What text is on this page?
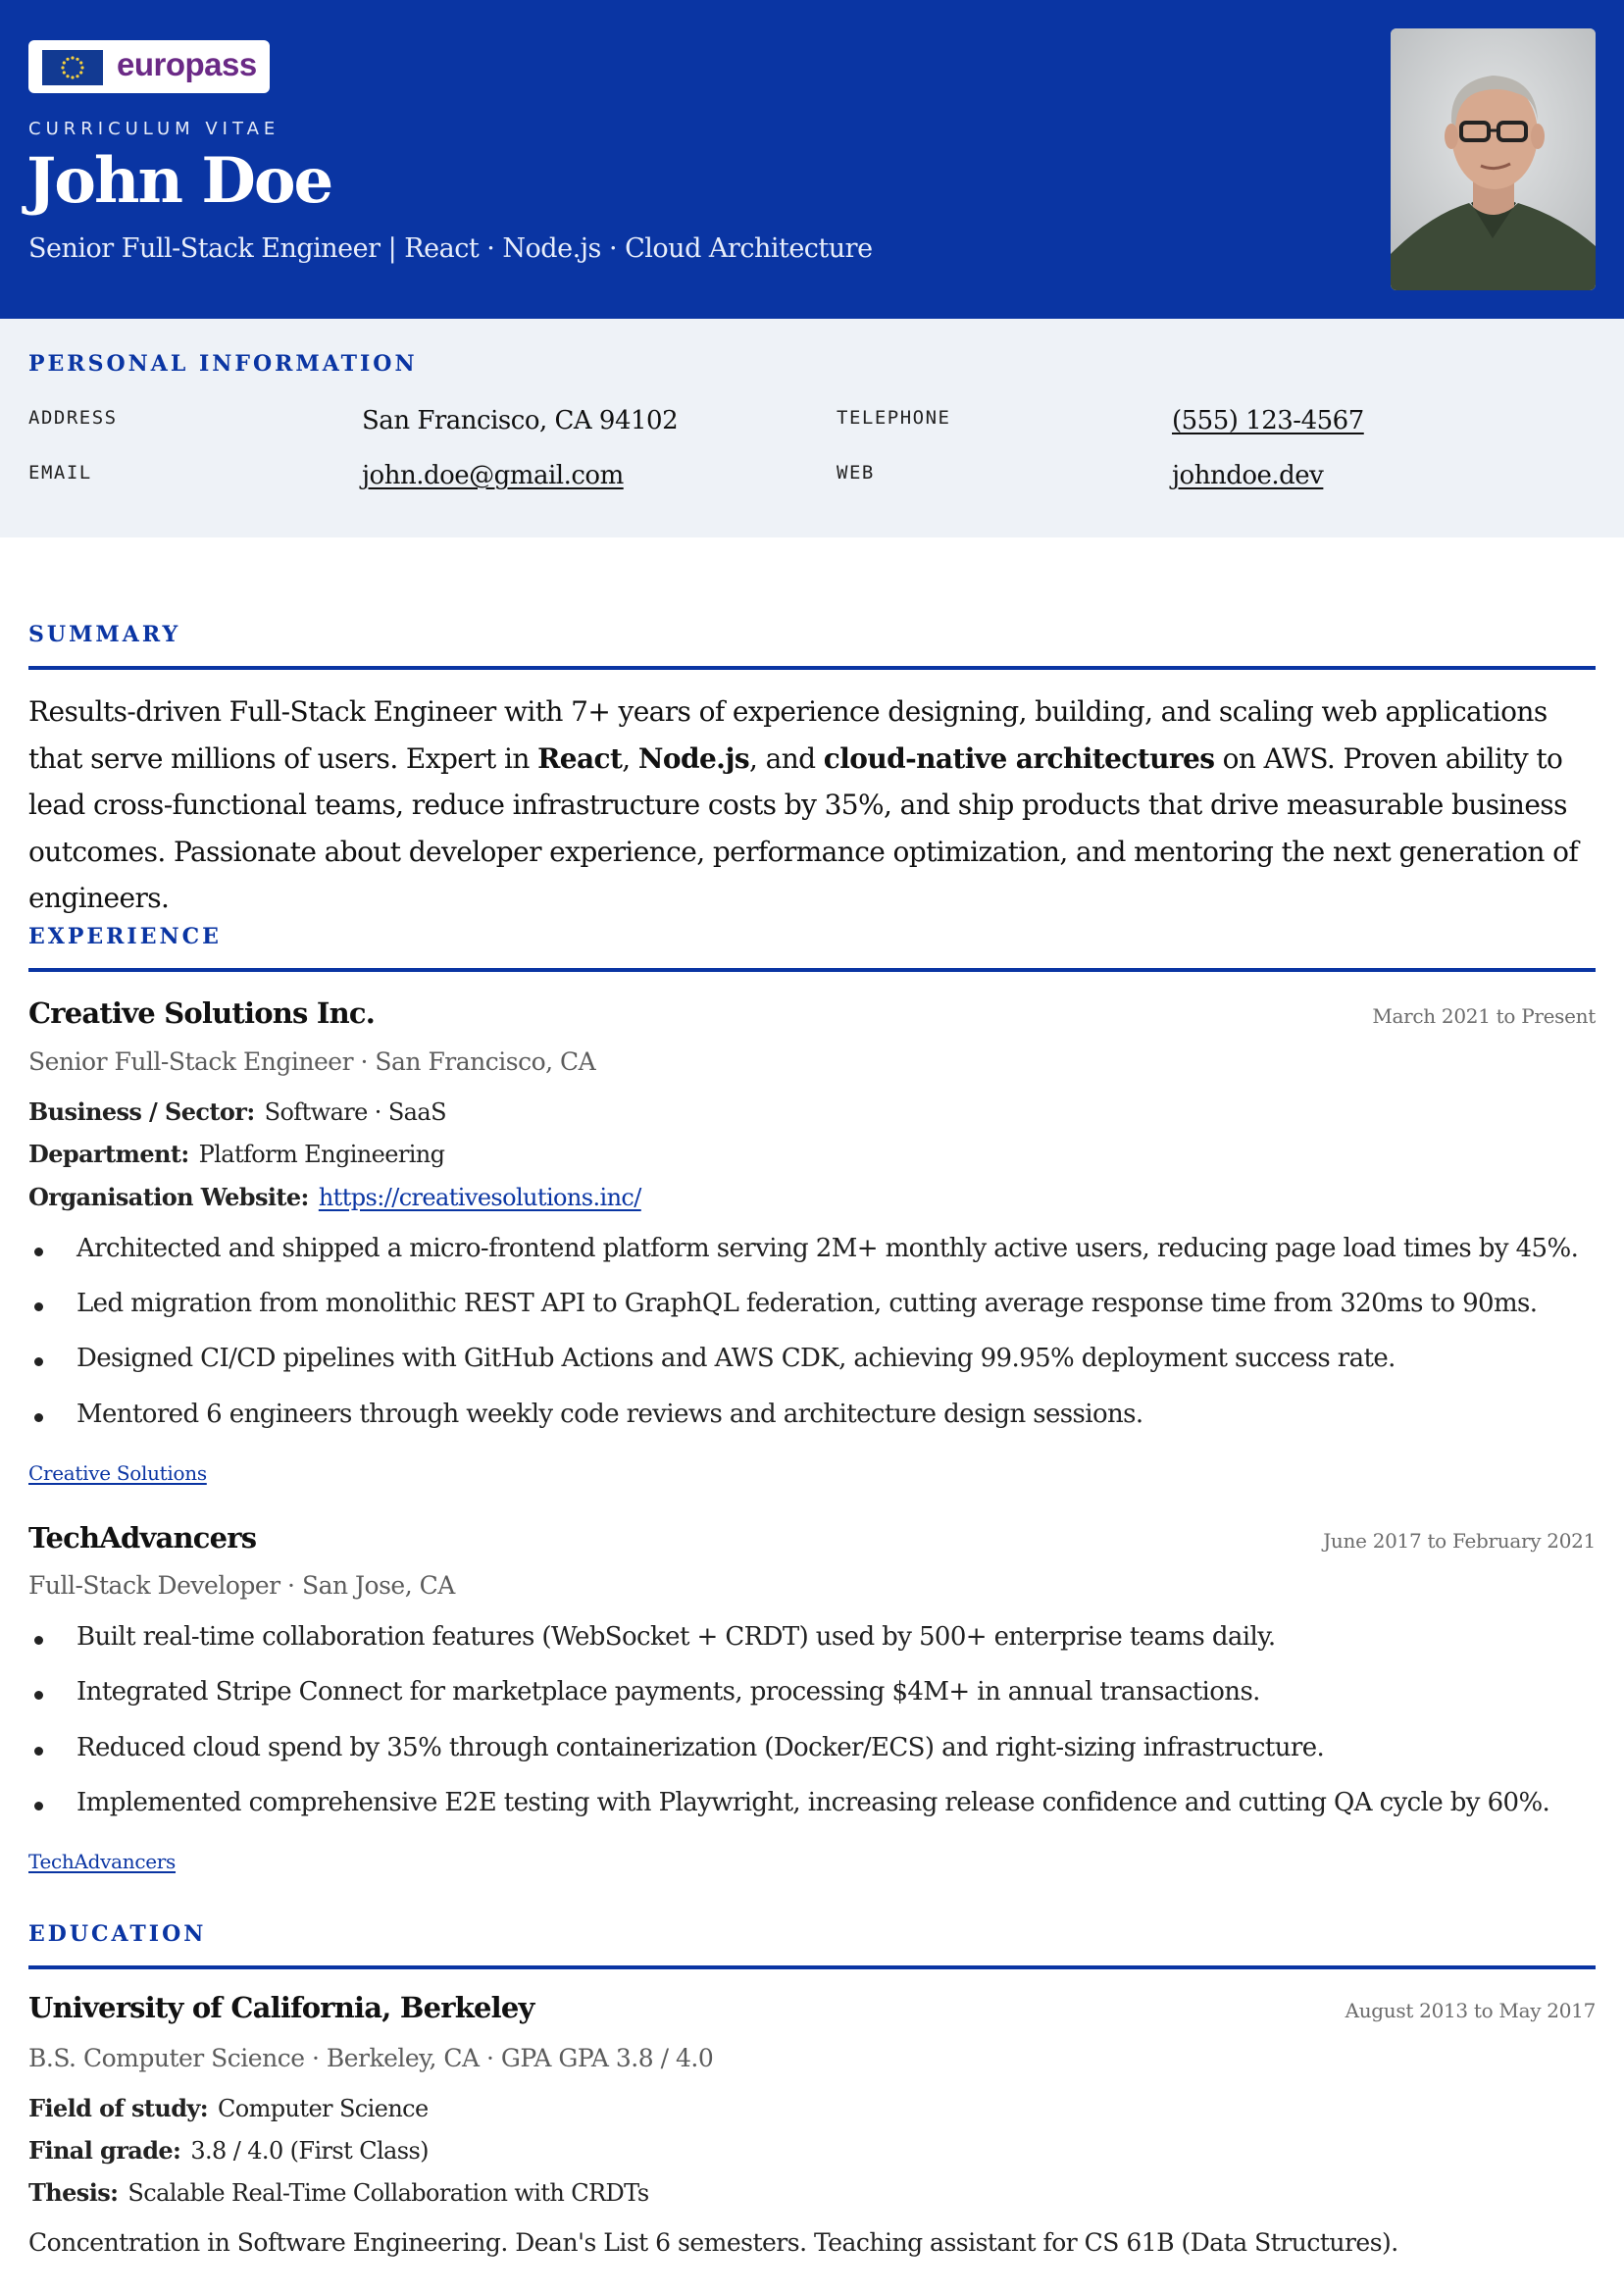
europass
CURRICULUM VITAE
John Doe
Senior Full-Stack Engineer | React · Node.js · Cloud Architecture
PERSONAL INFORMATION
ADDRESS	San Francisco, CA 94102	TELEPHONE	(555) 123-4567
EMAIL	john.doe@gmail.com	WEB	johndoe.dev
SUMMARY
Results-driven Full-Stack Engineer with 7+ years of experience designing, building, and scaling web applications that serve millions of users. Expert in React, Node.js, and cloud-native architectures on AWS. Proven ability to lead cross-functional teams, reduce infrastructure costs by 35%, and ship products that drive measurable business outcomes. Passionate about developer experience, performance optimization, and mentoring the next generation of engineers.
EXPERIENCE
Creative Solutions Inc.	March 2021 to Present
Senior Full-Stack Engineer · San Francisco, CA
Business / Sector: Software · SaaS
Department: Platform Engineering
Organisation Website: https://creativesolutions.inc/
Architected and shipped a micro-frontend platform serving 2M+ monthly active users, reducing page load times by 45%.
Led migration from monolithic REST API to GraphQL federation, cutting average response time from 320ms to 90ms.
Designed CI/CD pipelines with GitHub Actions and AWS CDK, achieving 99.95% deployment success rate.
Mentored 6 engineers through weekly code reviews and architecture design sessions.
Creative Solutions
TechAdvancers	June 2017 to February 2021
Full-Stack Developer · San Jose, CA
Built real-time collaboration features (WebSocket + CRDT) used by 500+ enterprise teams daily.
Integrated Stripe Connect for marketplace payments, processing $4M+ in annual transactions.
Reduced cloud spend by 35% through containerization (Docker/ECS) and right-sizing infrastructure.
Implemented comprehensive E2E testing with Playwright, increasing release confidence and cutting QA cycle by 60%.
TechAdvancers
EDUCATION
University of California, Berkeley	August 2013 to May 2017
B.S. Computer Science · Berkeley, CA · GPA GPA 3.8 / 4.0
Field of study: Computer Science
Final grade: 3.8 / 4.0 (First Class)
Thesis: Scalable Real-Time Collaboration with CRDTs
Concentration in Software Engineering. Dean's List 6 semesters. Teaching assistant for CS 61B (Data Structures).
